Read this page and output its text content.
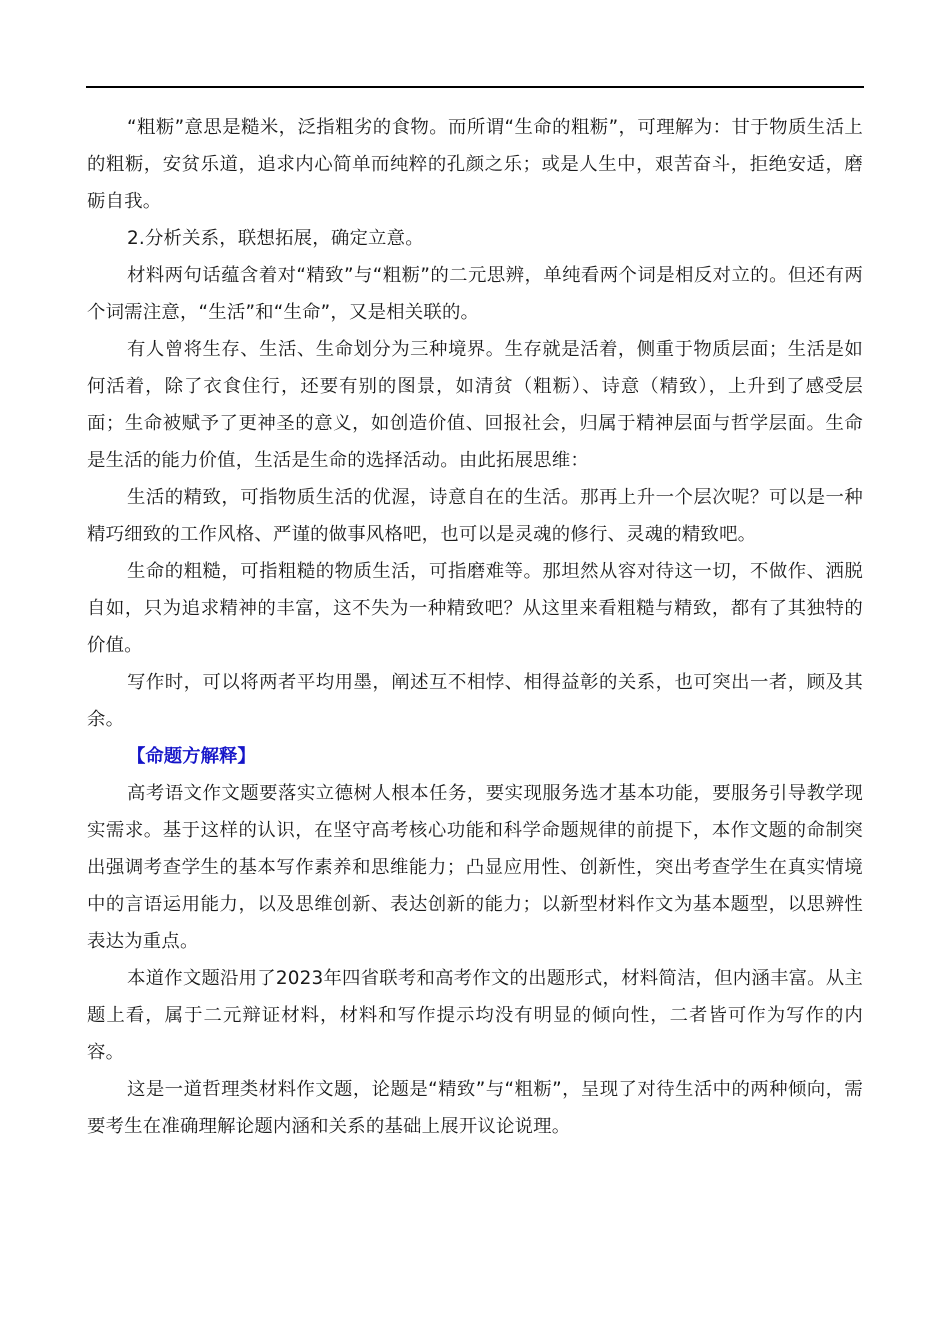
“粗粝”意思是糙米，泛指粗劣的食物。而所谓“生命的粗粝”，可理解为：甘于物质生活上的粗粝，安贫乐道，追求内心简单而纯粹的孔颜之乐；或是人生中，艰苦奋斗，拒绝安适，磨砺自我。

2.分析关系，联想拓展，确定立意。

材料两句话蕴含着对“精致”与“粗粝”的二元思辨，单纯看两个词是相反对立的。但还有两个词需注意，“生活”和“生命”，又是相关联的。

有人曾将生存、生活、生命划分为三种境界。生存就是活着，侧重于物质层面；生活是如何活着，除了衣食住行，还要有别的图景，如清贫（粗粝）、诗意（精致），上升到了感受层面；生命被赋予了更神圣的意义，如创造价值、回报社会，归属于精神层面与哲学层面。生命是生活的能力价值，生活是生命的选择活动。由此拓展思维：

生活的精致，可指物质生活的优渥，诗意自在的生活。那再上升一个层次呢？可以是一种精巧细致的工作风格、严谨的做事风格吧，也可以是灵魂的修行、灵魂的精致吧。

生命的粗糙，可指粗糙的物质生活，可指磨难等。那坦然从容对待这一切，不做作、洒脱自如，只为追求精神的丰富，这不失为一种精致吧？从这里来看粗糙与精致，都有了其独特的价值。

写作时，可以将两者平均用墨，阐述互不相悖、相得益彰的关系，也可突出一者，顾及其余。

【命题方解释】

高考语文作文题要落实立德树人根本任务，要实现服务选才基本功能，要服务引导教学现实需求。基于这样的认识，在坚守高考核心功能和科学命题规律的前提下，本作文题的命制突出强调考查学生的基本写作素养和思维能力；凸显应用性、创新性，突出考查学生在真实情境中的言语运用能力，以及思维创新、表达创新的能力；以新型材料作文为基本题型，以思辨性表达为重点。

本道作文题沿用了2023年四省联考和高考作文的出题形式，材料简洁，但内涵丰富。从主题上看，属于二元辩证材料，材料和写作提示均没有明显的倾向性，二者皆可作为写作的内容。

这是一道哲理类材料作文题，论题是“精致”与“粗粝”，呈现了对待生活中的两种倾向，需要考生在准确理解论题内涵和关系的基础上展开议论说理。
